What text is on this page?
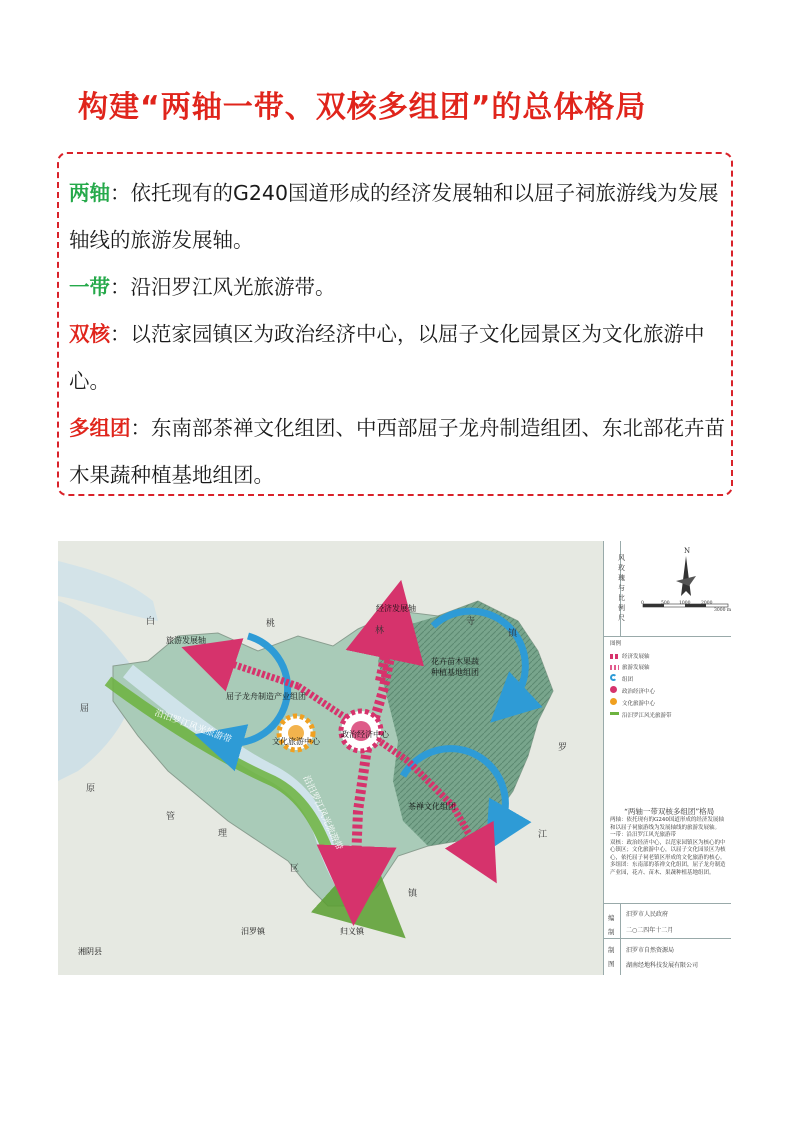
构建“两轴一带、双核多组团”的总体格局

两轴：依托现有的G240国道形成的经济发展轴和以屈子祠旅游线为发展轴线的旅游发展轴。

一带：沿汨罗江风光旅游带。

双核：以范家园镇区为政治经济中心，以屈子文化园景区为文化旅游中心。

多组团：东南部茶禅文化组团、中西部屈子龙舟制造组团、东北部花卉苗木果蔬种植基地组团。

白	桃
林
寺
镇
屈
原
管
理
区
罗
江
镇
汨罗镇	归义镇
湘阴县
经济发展轴
旅游发展轴
屈子龙舟制造产业组团
花卉苗木果蔬
种植基地组团
茶禅文化组团
文化旅游中心
政治经济中心
沿汨罗江风光旅游带
沿汨罗江风光旅游带
风玫瑰与比例尺
N
0	500 1000 2000
3000 m
图例
经济发展轴
旅游发展轴
组团
政治经济中心
文化旅游中心
沿汨罗江风光旅游带
“两轴一带双核多组团”格局
两轴：依托现有的G240国道形成的经济发展轴和以屈子祠旅游线为发展轴线的旅游发展轴。
一带：沿汨罗江风光旅游带
双核：政治经济中心，以范家园镇区为核心的中心镇区；文化旅游中心，以屈子文化园景区为核心，依托屈子祠老镇区形成的文化旅游的核心。
多组团：东南部的茶禅文化组团，屈子龙舟制造产业园，花卉、苗木、果蔬种植基地组团。
编制
汨罗市人民政府
二○二四年十二月
制图
汨罗市自然资源局
湖南经地科技发展有限公司
